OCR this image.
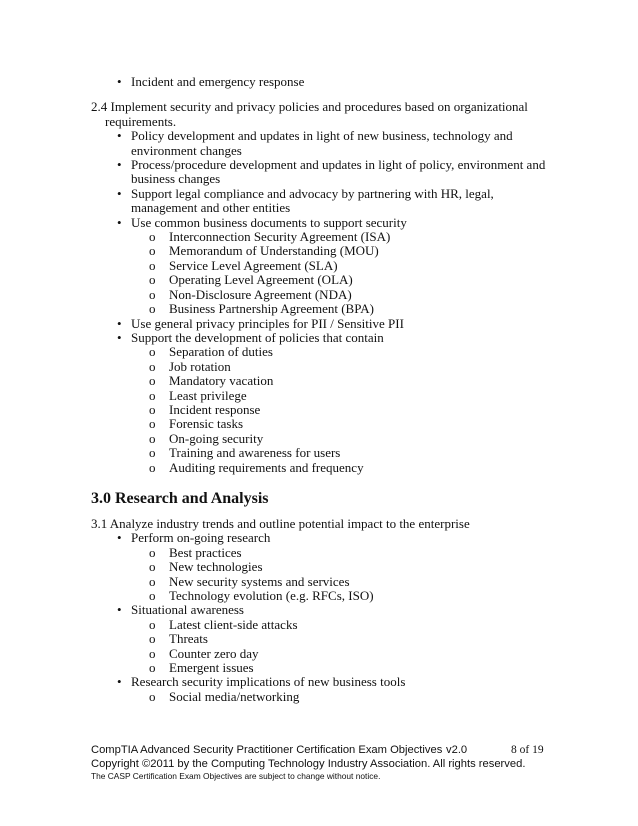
• Incident and emergency response
2.4 Implement security and privacy policies and procedures based on organizational requirements.
• Policy development and updates in light of new business, technology and environment changes
• Process/procedure development and updates in light of policy, environment and business changes
• Support legal compliance and advocacy by partnering with HR, legal, management and other entities
• Use common business documents to support security
o Interconnection Security Agreement (ISA)
o Memorandum of Understanding (MOU)
o Service Level Agreement (SLA)
o Operating Level Agreement (OLA)
o Non-Disclosure Agreement (NDA)
o Business Partnership Agreement (BPA)
• Use general privacy principles for PII / Sensitive PII
• Support the development of policies that contain
o Separation of duties
o Job rotation
o Mandatory vacation
o Least privilege
o Incident response
o Forensic tasks
o On-going security
o Training and awareness for users
o Auditing requirements and frequency
3.0 Research and Analysis
3.1 Analyze industry trends and outline potential impact to the enterprise
• Perform on-going research
o Best practices
o New technologies
o New security systems and services
o Technology evolution (e.g. RFCs, ISO)
• Situational awareness
o Latest client-side attacks
o Threats
o Counter zero day
o Emergent issues
• Research security implications of new business tools
o Social media/networking
CompTIA Advanced Security Practitioner Certification Exam Objectives v2.0	8 of 19
Copyright ©2011 by the Computing Technology Industry Association. All rights reserved.
The CASP Certification Exam Objectives are subject to change without notice.
